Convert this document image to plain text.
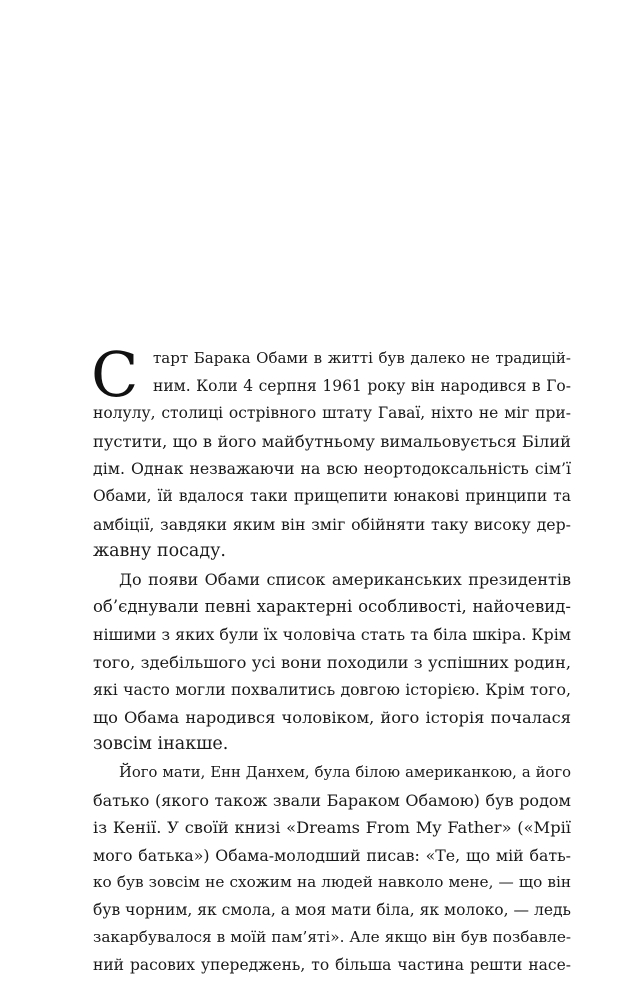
С тарт Барака Обами в житті був далеко не традицій-
ним. Коли 4 серпня 1961 року він народився в Го-
нолулу, столиці острівного штату Гаваї, ніхто не міг при-
пустити, що в його майбутньому вимальовується Білий
дім. Однак незважаючи на всю неортодоксальність сім’ї
Обами, їй вдалося таки прищепити юнакові принципи та
амбіції, завдяки яким він зміг обійняти таку високу дер-
жавну посаду.
До появи Обами список американських президентів
об’єднували певні характерні особливості, найочевид-
нішими з яких були їх чоловіча стать та біла шкіра. Крім
того, здебільшого усі вони походили з успішних родин,
які часто могли похвалитись довгою історією. Крім того,
що Обама народився чоловіком, його історія почалася
зовсім інакше.
Його мати, Енн Данхем, була білою американкою, а його
батько (якого також звали Бараком Обамою) був родом
із Кенії. У своїй книзі «Dreams From My Father» («Мрії
мого батька») Обама-молодший писав: «Те, що мій бать-
ко був зовсім не схожим на людей навколо мене, — що він
був чорним, як смола, а моя мати біла, як молоко, — ледь
закарбувалося в моїй пам’яті». Але якщо він був позбавле-
ний расових упереджень, то більша частина решти насе-
